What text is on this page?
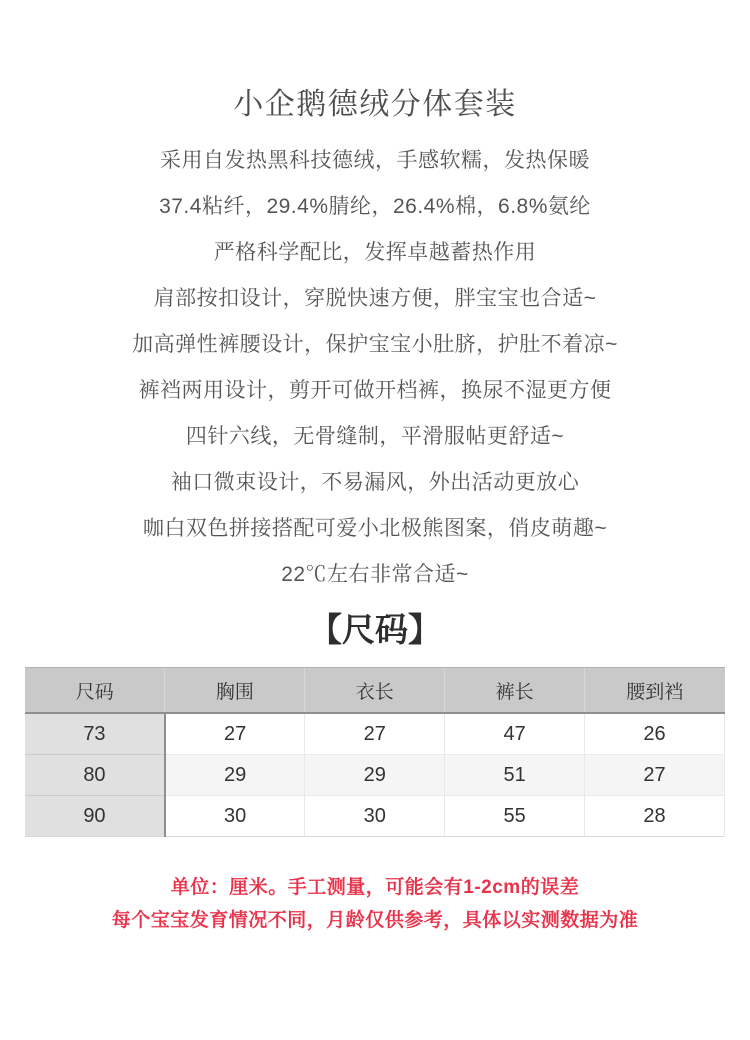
小企鹅德绒分体套装

采用自发热黑科技德绒，手感软糯，发热保暖

37.4粘纤，29.4%腈纶，26.4%棉，6.8%氨纶

严格科学配比，发挥卓越蓄热作用

肩部按扣设计，穿脱快速方便，胖宝宝也合适~

加高弹性裤腰设计，保护宝宝小肚脐，护肚不着凉~

裤裆两用设计，剪开可做开档裤，换尿不湿更方便

四针六线，无骨缝制，平滑服帖更舒适~

袖口微束设计，不易漏风，外出活动更放心

咖白双色拼接搭配可爱小北极熊图案，俏皮萌趣~

22℃左右非常合适~

【尺码】
尺码	胸围	衣长	裤长	腰到裆
73	27	27	47	26
80	29	29	51	27
90	30	30	55	28

单位：厘米。手工测量，可能会有1-2cm的误差

每个宝宝发育情况不同，月龄仅供参考，具体以实测数据为准
